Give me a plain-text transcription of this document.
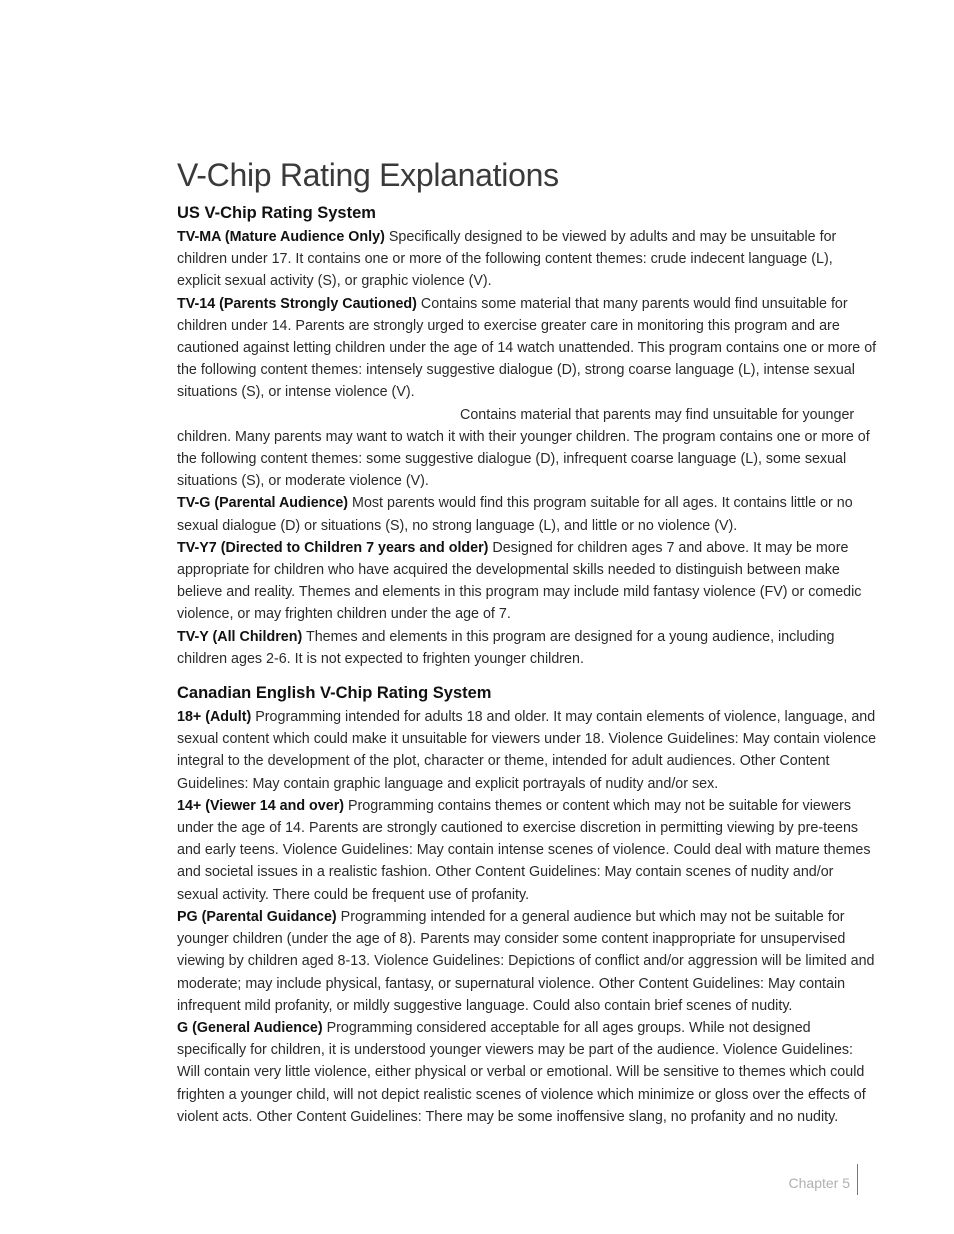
V-Chip Rating Explanations
US V-Chip Rating System

TV-MA (Mature Audience Only) Specifically designed to be viewed by adults and may be unsuitable for children under 17. It contains one or more of the following content themes: crude indecent language (L), explicit sexual activity (S), or graphic violence (V).

TV-14 (Parents Strongly Cautioned) Contains some material that many parents would find unsuitable for children under 14. Parents are strongly urged to exercise greater care in monitoring this program and are cautioned against letting children under the age of 14 watch unattended. This program contains one or more of the following content themes: intensely suggestive dialogue (D), strong coarse language (L), intense sexual situations (S), or intense violence (V).

Contains material that parents may find unsuitable for younger children. Many parents may want to watch it with their younger children. The program contains one or more of the following content themes: some suggestive dialogue (D), infrequent coarse language (L), some sexual situations (S), or moderate violence (V).

TV-G (Parental Audience) Most parents would find this program suitable for all ages. It contains little or no sexual dialogue (D) or situations (S), no strong language (L), and little or no violence (V).

TV-Y7 (Directed to Children 7 years and older) Designed for children ages 7 and above. It may be more appropriate for children who have acquired the developmental skills needed to distinguish between make believe and reality. Themes and elements in this program may include mild fantasy violence (FV) or comedic violence, or may frighten children under the age of 7.

TV-Y (All Children) Themes and elements in this program are designed for a young audience, including children ages 2-6. It is not expected to frighten younger children.

Canadian English V-Chip Rating System

18+ (Adult) Programming intended for adults 18 and older. It may contain elements of violence, language, and sexual content which could make it unsuitable for viewers under 18. Violence Guidelines: May contain violence integral to the development of the plot, character or theme, intended for adult audiences. Other Content Guidelines: May contain graphic language and explicit portrayals of nudity and/or sex.

14+ (Viewer 14 and over) Programming contains themes or content which may not be suitable for viewers under the age of 14. Parents are strongly cautioned to exercise discretion in permitting viewing by pre-teens and early teens. Violence Guidelines: May contain intense scenes of violence. Could deal with mature themes and societal issues in a realistic fashion. Other Content Guidelines: May contain scenes of nudity and/or sexual activity. There could be frequent use of profanity.

PG (Parental Guidance) Programming intended for a general audience but which may not be suitable for younger children (under the age of 8). Parents may consider some content inappropriate for unsupervised viewing by children aged 8-13. Violence Guidelines: Depictions of conflict and/or aggression will be limited and moderate; may include physical, fantasy, or supernatural violence. Other Content Guidelines: May contain infrequent mild profanity, or mildly suggestive language. Could also contain brief scenes of nudity.

G (General Audience) Programming considered acceptable for all ages groups. While not designed specifically for children, it is understood younger viewers may be part of the audience. Violence Guidelines: Will contain very little violence, either physical or verbal or emotional. Will be sensitive to themes which could frighten a younger child, will not depict realistic scenes of violence which minimize or gloss over the effects of violent acts. Other Content Guidelines: There may be some inoffensive slang, no profanity and no nudity.

Chapter 5
